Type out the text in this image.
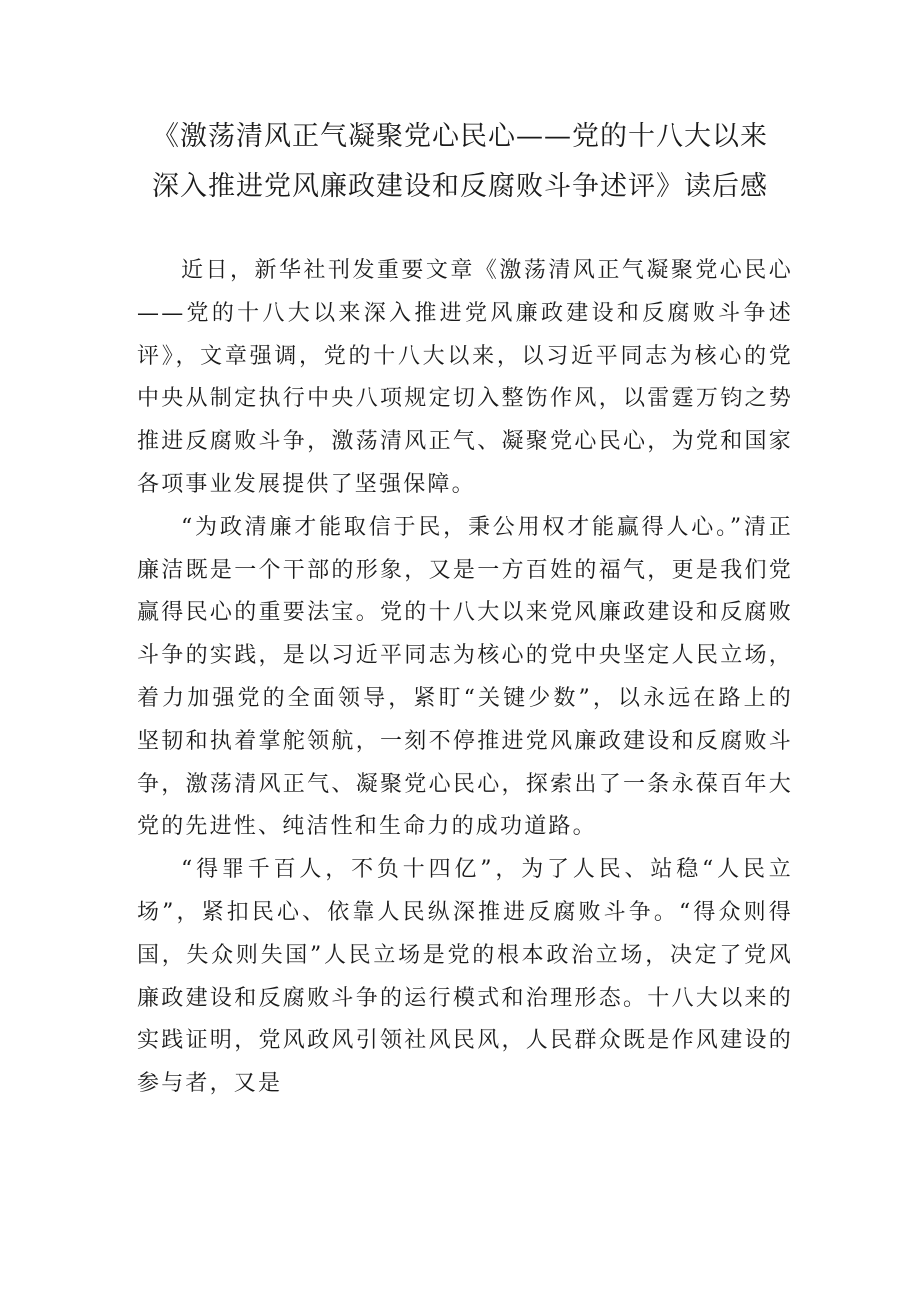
《激荡清风正气凝聚党心民心——党的十八大以来
深入推进党风廉政建设和反腐败斗争述评》读后感

近日，新华社刊发重要文章《激荡清风正气凝聚党心民心——党的十八大以来深入推进党风廉政建设和反腐败斗争述评》，文章强调，党的十八大以来，以习近平同志为核心的党中央从制定执行中央八项规定切入整饬作风，以雷霆万钧之势推进反腐败斗争，激荡清风正气、凝聚党心民心，为党和国家各项事业发展提供了坚强保障。

“为政清廉才能取信于民，秉公用权才能赢得人心。”清正廉洁既是一个干部的形象，又是一方百姓的福气，更是我们党赢得民心的重要法宝。党的十八大以来党风廉政建设和反腐败斗争的实践，是以习近平同志为核心的党中央坚定人民立场，着力加强党的全面领导，紧盯“关键少数”，以永远在路上的坚韧和执着掌舵领航，一刻不停推进党风廉政建设和反腐败斗争，激荡清风正气、凝聚党心民心，探索出了一条永葆百年大党的先进性、纯洁性和生命力的成功道路。

“得罪千百人，不负十四亿”，为了人民、站稳“人民立场”，紧扣民心、依靠人民纵深推进反腐败斗争。“得众则得国，失众则失国”人民立场是党的根本政治立场，决定了党风廉政建设和反腐败斗争的运行模式和治理形态。十八大以来的实践证明，党风政风引领社风民风，人民群众既是作风建设的参与者，又是
